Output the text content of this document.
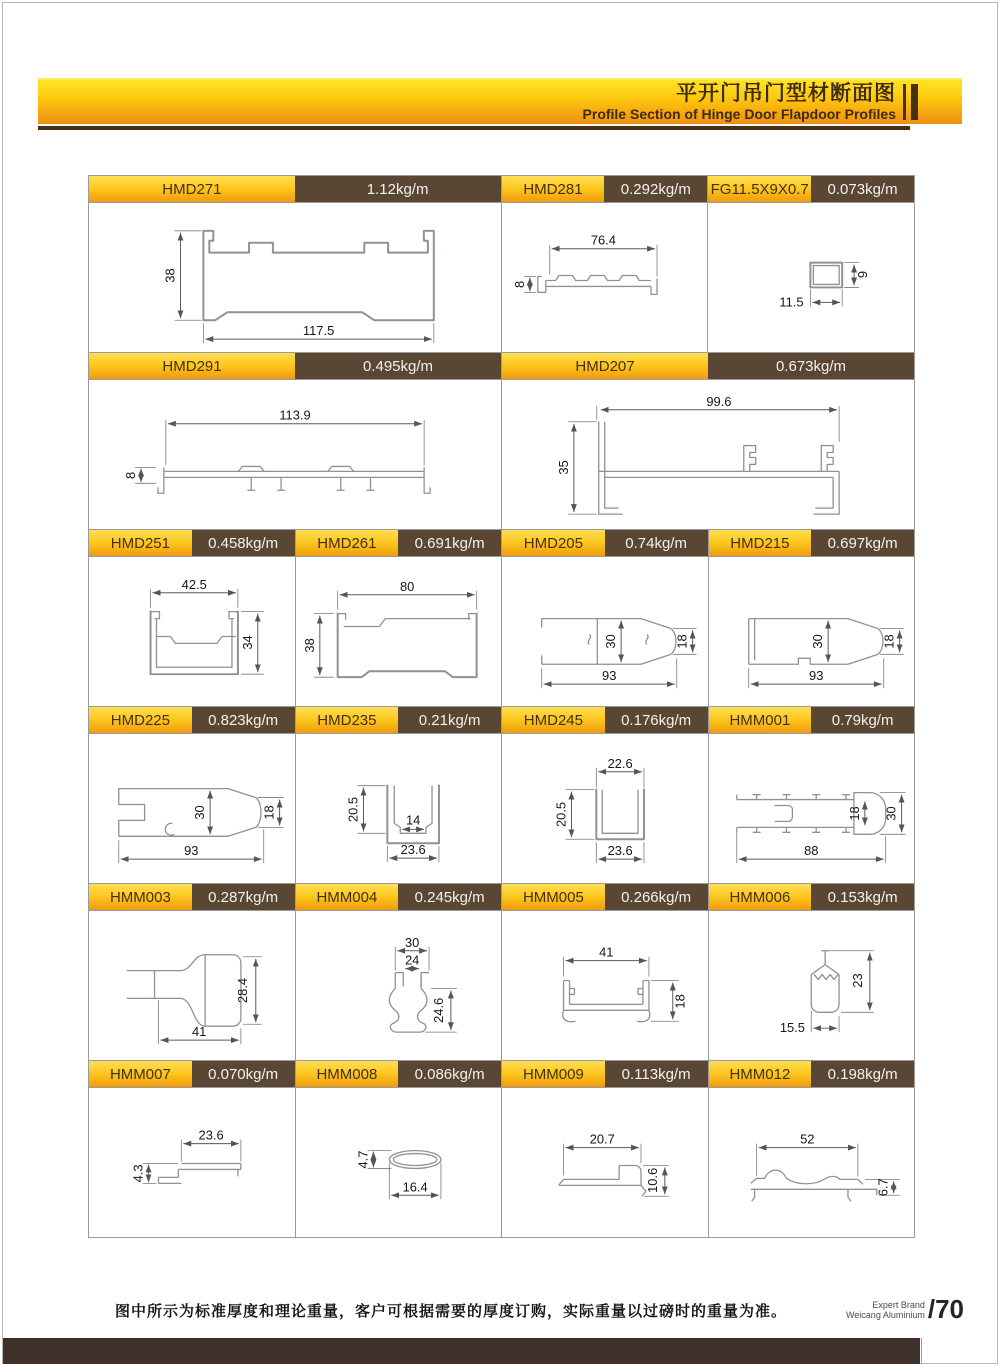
平开门吊门型材断面图
Profile Section of Hinge Door Flapdoor Profiles
HMD271	1.12kg/m
38
117.5
HMD281	0.292kg/m
76.4
8
FG11.5X9X0.7	0.073kg/m
9
11.5
HMD291	0.495kg/m
113.9
8
HMD207	0.673kg/m
99.6
35
HMD251	0.458kg/m
42.5
34
HMD261	0.691kg/m
80
38
HMD205	0.74kg/m
30	18
93
HMD215	0.697kg/m
30	18
93
HMD225	0.823kg/m
30	18
93
HMD235	0.21kg/m
20.5	14
23.6
HMD245	0.176kg/m
22.6
20.5
23.6
HMM001	0.79kg/m
18 30
88
HMM003	0.287kg/m
28.4
41
HMM004	0.245kg/m
30
24
24.6
HMM005	0.266kg/m
41
18
HMM006	0.153kg/m
23
15.5
HMM007	0.070kg/m
23.6
4.3
HMM008	0.086kg/m
4.7
16.4
HMM009	0.113kg/m
20.7
10.6
HMM012	0.198kg/m
52
6.7
图中所示为标准厚度和理论重量，客户可根据需要的厚度订购，实际重量以过磅时的重量为准。	Expert Brand
Weicang Aluminium /70
